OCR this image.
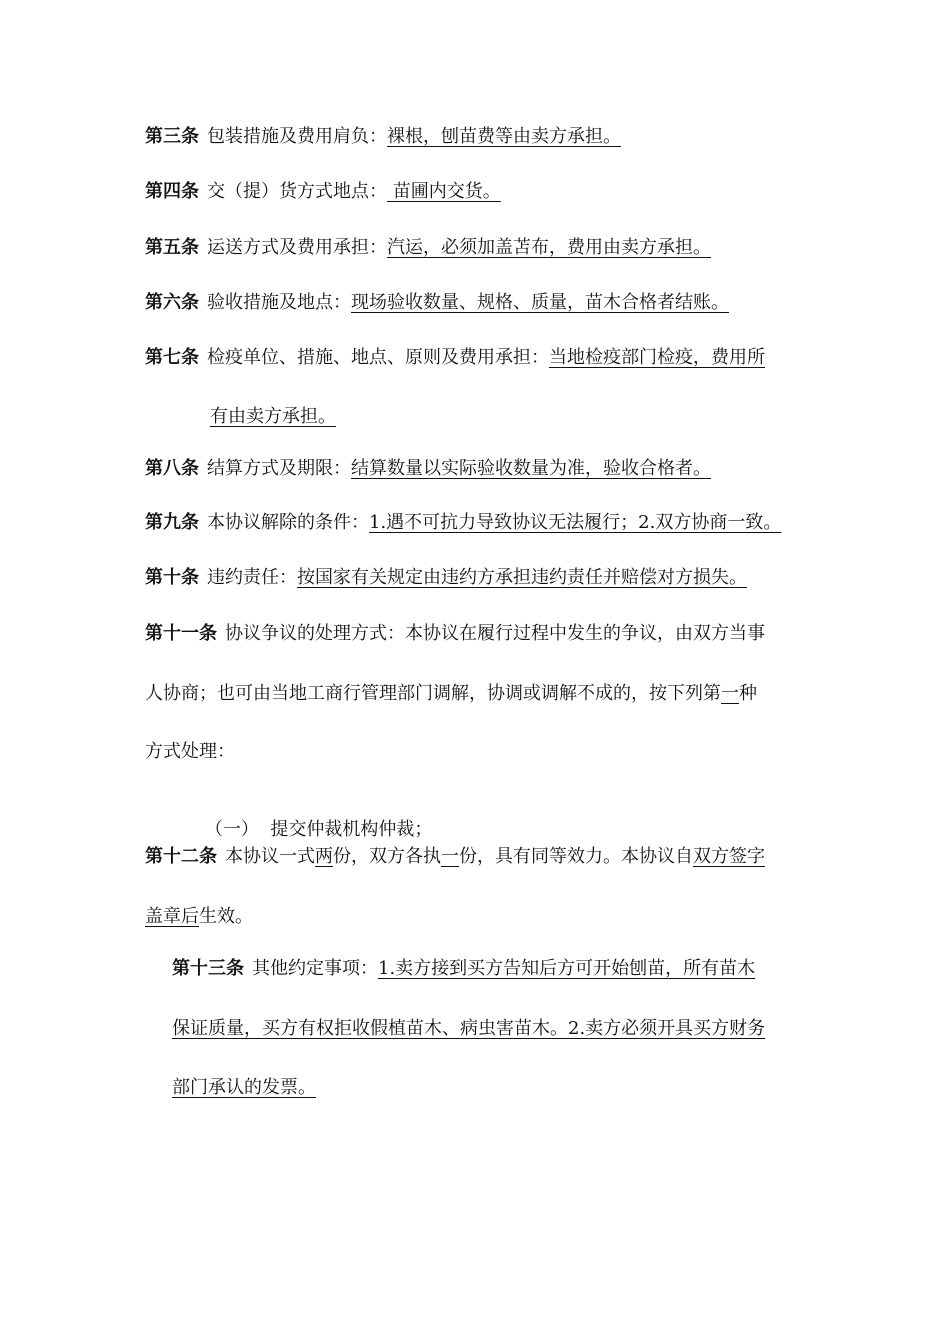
第三条 包装措施及费用肩负：裸根，刨苗费等由卖方承担。
第四条 交（提）货方式地点： 苗圃内交货。
第五条 运送方式及费用承担：汽运，必须加盖苫布，费用由卖方承担。
第六条 验收措施及地点：现场验收数量、规格、质量，苗木合格者结账。
第七条 检疫单位、措施、地点、原则及费用承担：当地检疫部门检疫，费用所
有由卖方承担。
第八条 结算方式及期限：结算数量以实际验收数量为准，验收合格者。
第九条 本协议解除的条件：1.遇不可抗力导致协议无法履行；2.双方协商一致。
第十条 违约责任：按国家有关规定由违约方承担违约责任并赔偿对方损失。
第十一条 协议争议的处理方式：本协议在履行过程中发生的争议，由双方当事
人协商；也可由当地工商行管理部门调解，协调或调解不成的，按下列第一种
方式处理：

（一）  提交仲裁机构仲裁；

第十二条 本协议一式两份，双方各执一份，具有同等效力。本协议自双方签字
盖章后生效。
第十三条 其他约定事项：1.卖方接到买方告知后方可开始刨苗，所有苗木
保证质量，买方有权拒收假植苗木、病虫害苗木。2.卖方必须开具买方财务
部门承认的发票。
